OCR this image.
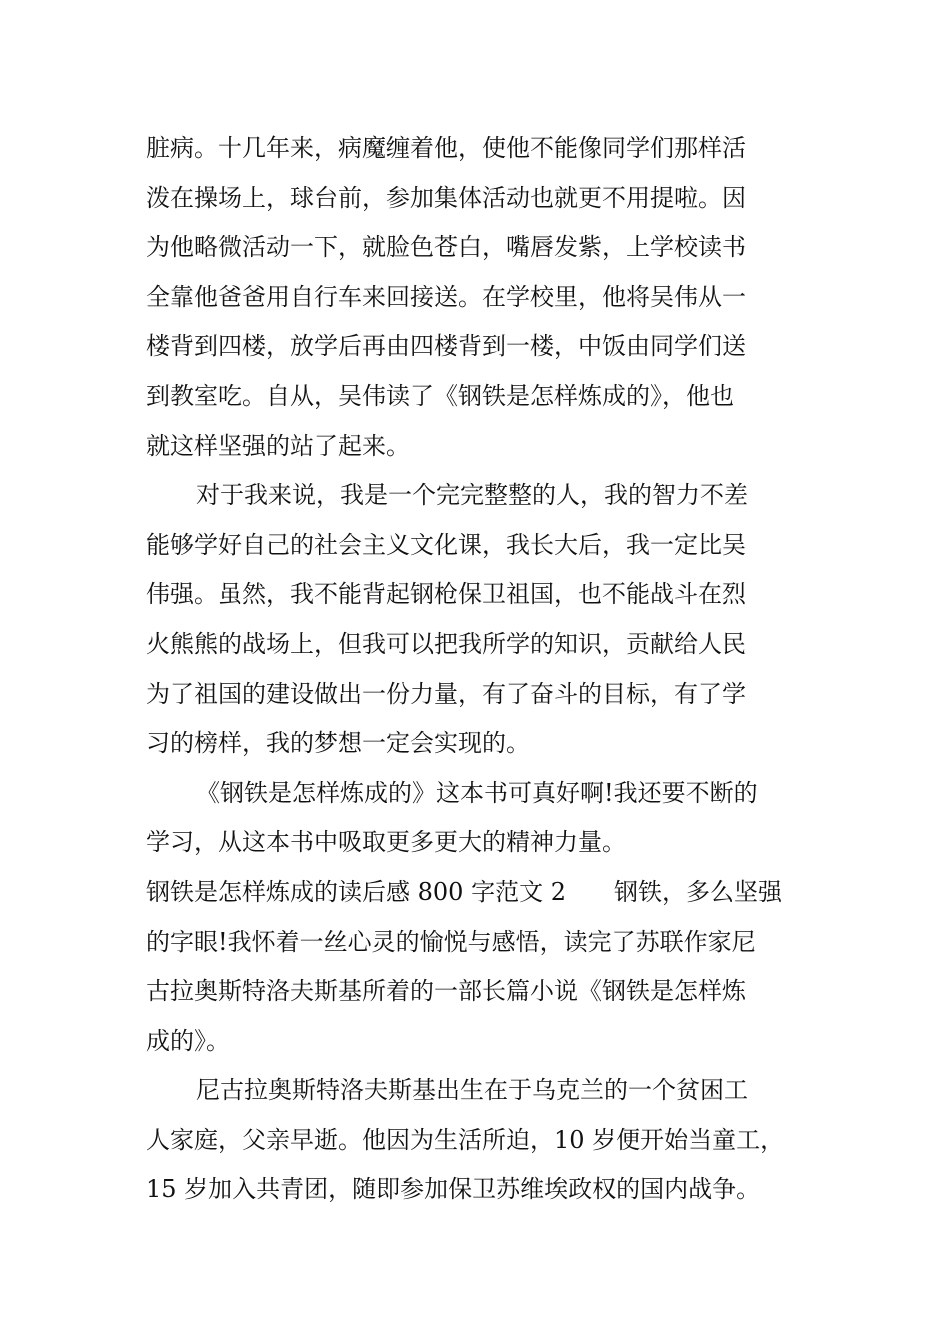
脏病。十几年来，病魔缠着他，使他不能像同学们那样活

泼在操场上，球台前，参加集体活动也就更不用提啦。因

为他略微活动一下，就脸色苍白，嘴唇发紫，上学校读书

全靠他爸爸用自行车来回接送。在学校里，他将吴伟从一

楼背到四楼，放学后再由四楼背到一楼，中饭由同学们送

到教室吃。自从，吴伟读了《钢铁是怎样炼成的》，他也

就这样坚强的站了起来。

对于我来说，我是一个完完整整的人，我的智力不差

能够学好自己的社会主义文化课，我长大后，我一定比吴

伟强。虽然，我不能背起钢枪保卫祖国，也不能战斗在烈

火熊熊的战场上，但我可以把我所学的知识，贡献给人民

为了祖国的建设做出一份力量，有了奋斗的目标，有了学

习的榜样，我的梦想一定会实现的。

《钢铁是怎样炼成的》这本书可真好啊!我还要不断的

学习，从这本书中吸取更多更大的精神力量。

钢铁是怎样炼成的读后感 800 字范文 2 钢铁，多么坚强

的字眼!我怀着一丝心灵的愉悦与感悟，读完了苏联作家尼

古拉奥斯特洛夫斯基所着的一部长篇小说《钢铁是怎样炼

成的》。

尼古拉奥斯特洛夫斯基出生在于乌克兰的一个贫困工

人家庭，父亲早逝。他因为生活所迫，10 岁便开始当童工，

15 岁加入共青团，随即参加保卫苏维埃政权的国内战争。
